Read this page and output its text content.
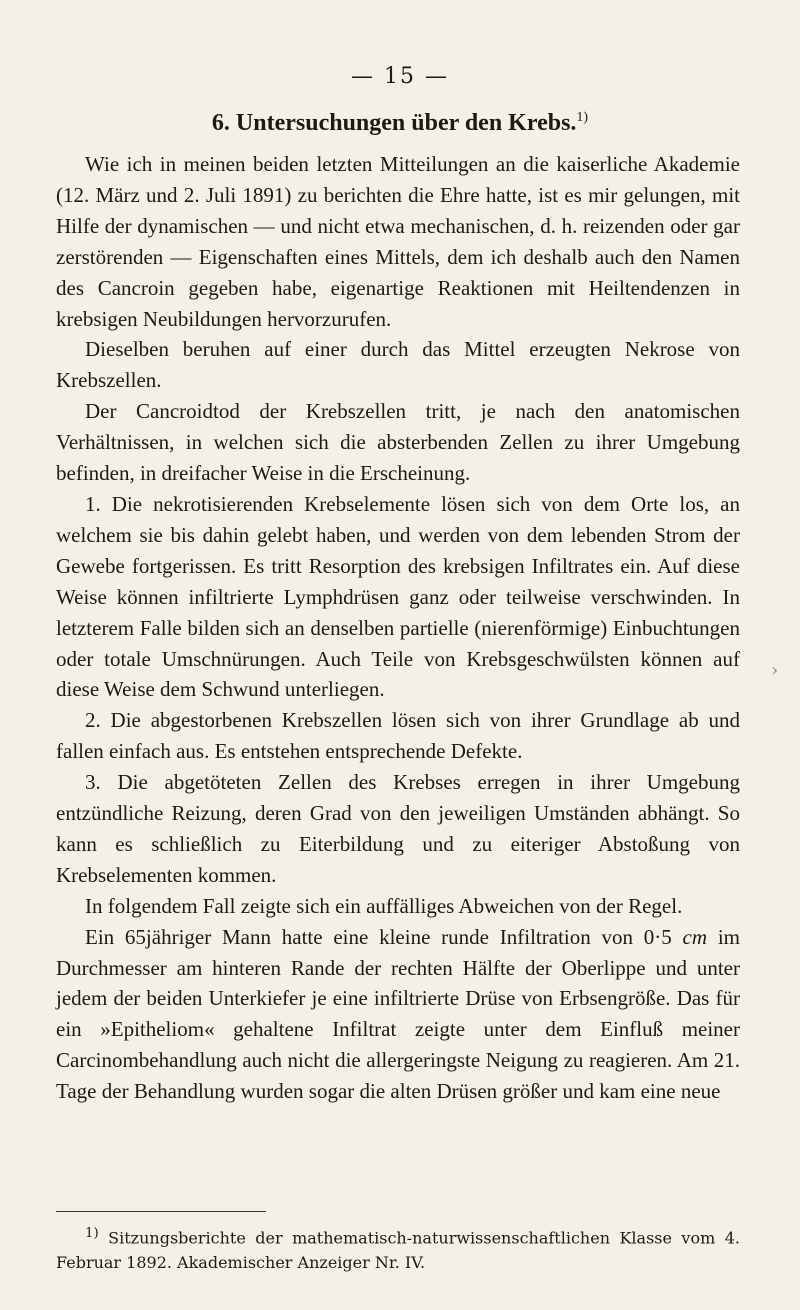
— 15 —
6. Untersuchungen über den Krebs.$^{1)}$

Wie ich in meinen beiden letzten Mitteilungen an die kaiserliche Akademie (12. März und 2. Juli 1891) zu berichten die Ehre hatte, ist es mir gelungen, mit Hilfe der dynamischen — und nicht etwa mechanischen, d. h. reizenden oder gar zerstörenden — Eigenschaften eines Mittels, dem ich deshalb auch den Namen des Cancroin gegeben habe, eigenartige Reaktionen mit Heiltendenzen in krebsigen Neubildungen hervorzurufen.

Dieselben beruhen auf einer durch das Mittel erzeugten Nekrose von Krebszellen.

Der Cancroidtod der Krebszellen tritt, je nach den anatomischen Verhältnissen, in welchen sich die absterbenden Zellen zu ihrer Umgebung befinden, in dreifacher Weise in die Erscheinung.

1. Die nekrotisierenden Krebselemente lösen sich von dem Orte los, an welchem sie bis dahin gelebt haben, und werden von dem lebenden Strom der Gewebe fortgerissen. Es tritt Resorption des krebsigen Infiltrates ein. Auf diese Weise können infiltrierte Lymphdrüsen ganz oder teilweise verschwinden. In letzterem Falle bilden sich an denselben partielle (nierenförmige) Einbuchtungen oder totale Umschnürungen. Auch Teile von Krebsgeschwülsten können auf diese Weise dem Schwund unterliegen.

2. Die abgestorbenen Krebszellen lösen sich von ihrer Grundlage ab und fallen einfach aus. Es entstehen entsprechende Defekte.

3. Die abgetöteten Zellen des Krebses erregen in ihrer Umgebung entzündliche Reizung, deren Grad von den jeweiligen Umständen abhängt. So kann es schließlich zu Eiterbildung und zu eiteriger Abstoßung von Krebselementen kommen.

In folgendem Fall zeigte sich ein auffälliges Abweichen von der Regel.

Ein 65jähriger Mann hatte eine kleine runde Infiltration von 0·5 cm im Durchmesser am hinteren Rande der rechten Hälfte der Oberlippe und unter jedem der beiden Unterkiefer je eine infiltrierte Drüse von Erbsengröße. Das für ein »Epitheliom« gehaltene Infiltrat zeigte unter dem Einfluß meiner Carcinombehandlung auch nicht die allergeringste Neigung zu reagieren. Am 21. Tage der Behandlung wurden sogar die alten Drüsen größer und kam eine neue

›
$^{1)}$ Sitzungsberichte der mathematisch-naturwissenschaftlichen Klasse vom 4. Februar 1892. Akademischer Anzeiger Nr. IV.
